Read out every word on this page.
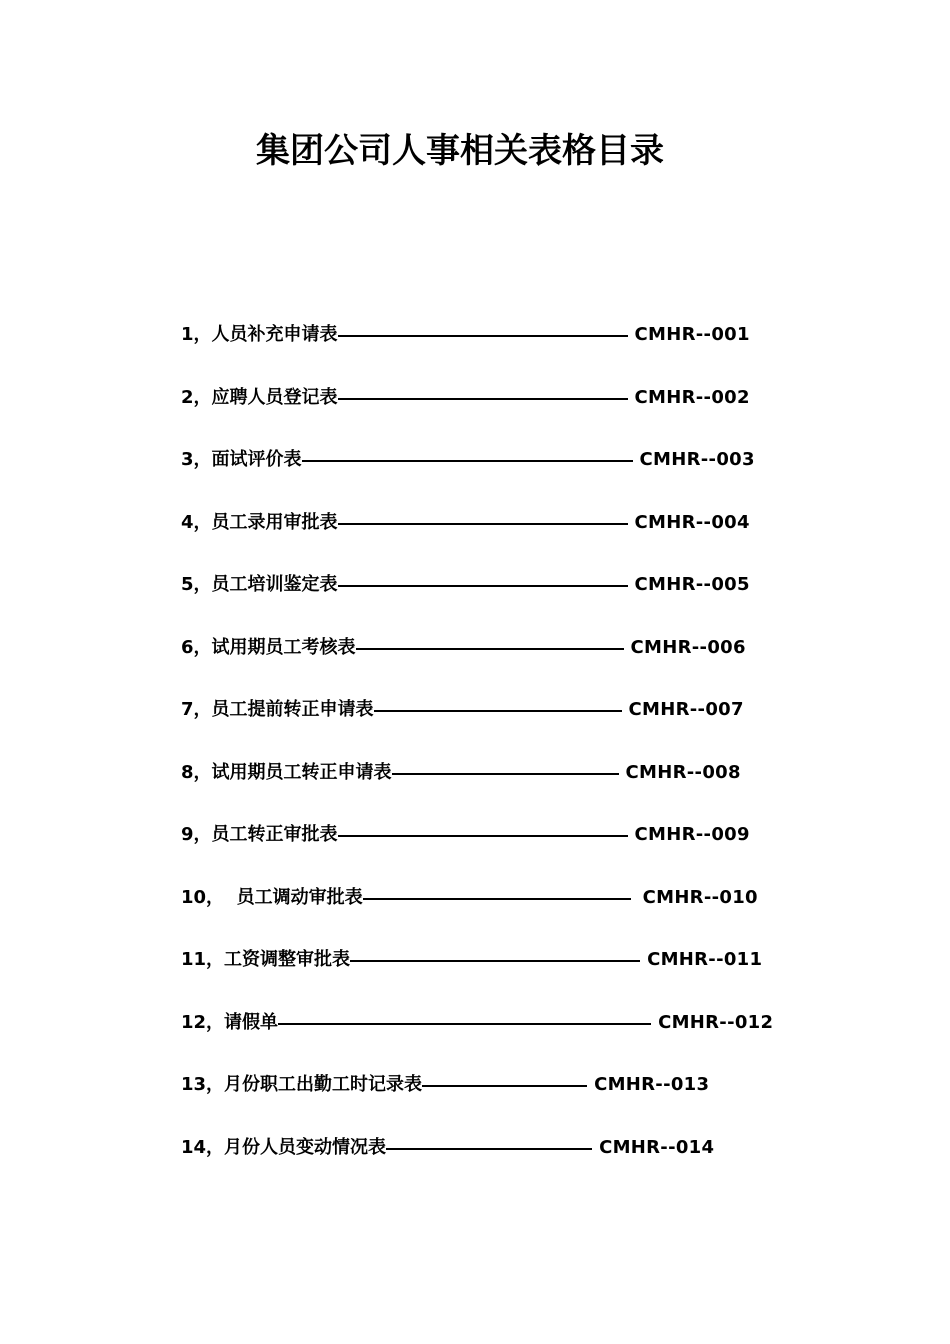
集团公司人事相关表格目录
1，人员补充申请表	CMHR--001
2，应聘人员登记表	CMHR--002
3，面试评价表	CMHR--003
4，员工录用审批表	CMHR--004
5，员工培训鉴定表	CMHR--005
6，试用期员工考核表	CMHR--006
7，员工提前转正申请表	CMHR--007
8，试用期员工转正申请表	CMHR--008
9，员工转正审批表	CMHR--009
10，  员工调动审批表	CMHR--010
11，工资调整审批表	CMHR--011
12，请假单	CMHR--012
13，月份职工出勤工时记录表	CMHR--013
14，月份人员变动情况表	CMHR--014
